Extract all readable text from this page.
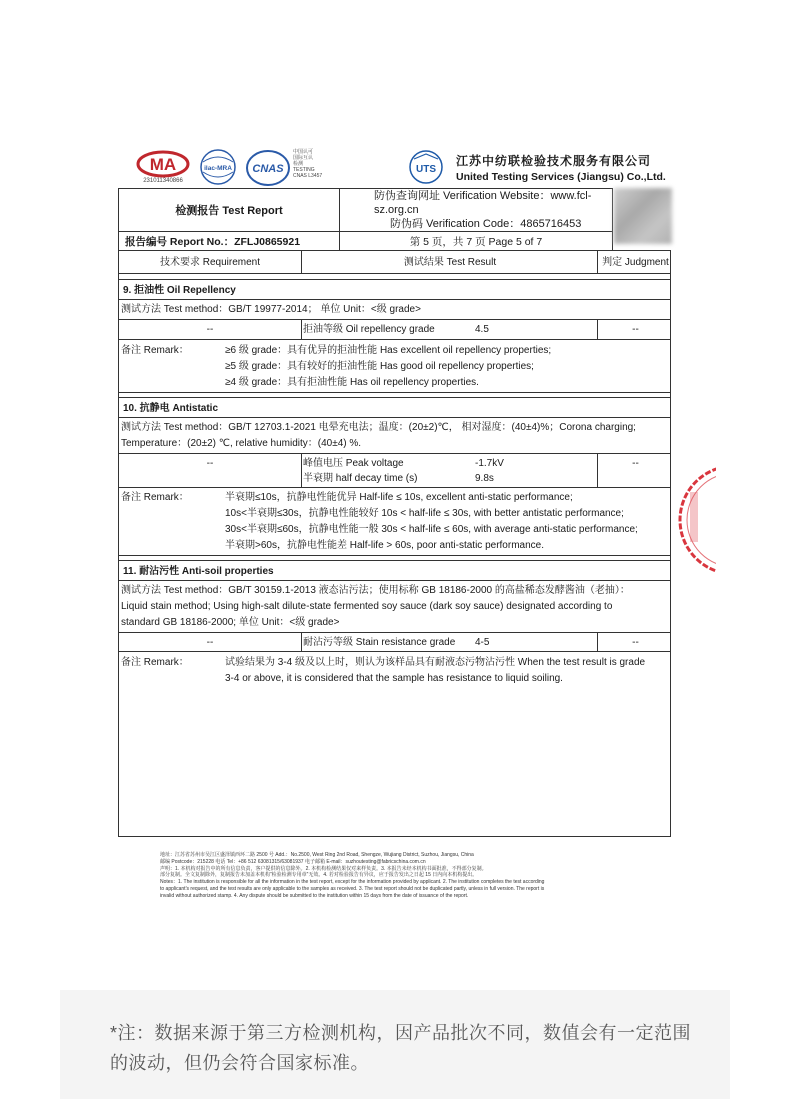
MA
231011340866
ilac-MRA CNAS
中国认可
国际互认
检测
TESTING
CNAS L3457
UTS
江苏中纺联检验技术服务有限公司
United Testing Services (Jiangsu) Co.,Ltd.
检测报告 Test Report	防伪查询网址 Verification Website：www.fcl-sz.org.cn
防伪码 Verification Code：4865716453

报告编号 Report No.：ZFLJ0865921	第 5 页，共 7 页 Page 5 of 7
技术要求 Requirement	测试结果 Test Result	判定 Judgment
9. 拒油性 Oil Repellency
测试方法 Test method：GB/T 19977-2014； 单位 Unit：<级 grade>
--	拒油等级 Oil repellency grade	4.5	--
备注 Remark：	≥6 级 grade：具有优异的拒油性能 Has excellent oil repellency properties;
≥5 级 grade：具有较好的拒油性能 Has good oil repellency properties;
≥4 级 grade：具有拒油性能 Has oil repellency properties.
10. 抗静电 Antistatic
测试方法 Test method：GB/T 12703.1-2021 电晕充电法；温度：(20±2)℃， 相对湿度：(40±4)%；Corona charging;
Temperature：(20±2) ℃, relative humidity：(40±4) %.
--	峰值电压 Peak voltage	-1.7kV
半衰期 half decay time (s)	9.8s
--
备注 Remark：	半衰期≤10s，抗静电性能优异 Half-life ≤ 10s, excellent anti-static performance;
10s<半衰期≤30s，抗静电性能较好 10s < half-life ≤ 30s, with better antistatic performance;
30s<半衰期≤60s，抗静电性能一般 30s < half-life ≤ 60s, with average anti-static performance;
半衰期>60s，抗静电性能差 Half-life > 60s, poor anti-static performance.
11. 耐沾污性 Anti-soil properties
测试方法 Test method：GB/T 30159.1-2013 液态沾污法；使用标称 GB 18186-2000 的高盐稀态发酵酱油（老抽）：
Liquid stain method; Using high-salt dilute-state fermented soy sauce (dark soy sauce) designated according to
standard GB 18186-2000; 单位 Unit：<级 grade>
--	耐沾污等级 Stain resistance grade 4-5	--
备注 Remark：	试验结果为 3-4 级及以上时，则认为该样品具有耐液态污物沾污性 When the test result is grade
3-4 or above, it is considered that the sample has resistance to liquid soiling.
地址：江苏省苏州市吴江区盛泽镇西环二路 2500 号 Add.：No.2500, West Ring 2nd Road, Shengze, Wujiang District, Suzhou, Jiangsu, China
邮编 Postcode：215228 电话 Tel：+86 512 63081315/63081937 电子邮箱 E-mail：suzhoutesting@fabricschina.com.cn
声明：1. 本机构对报告中的所有信息负责，客户提供的信息除外。2. 本机构检测结果仅对来样负责。3. 本报告未经本机构书面批准，不得部分复制。
部分复制。全文复制除外，复制报告未加盖本机构“检验检测专用章”无效。4. 若对检验报告有异议，应于报告发出之日起 15 日内向本机构提出。
Notes：1. The institution is responsible for all the information in the test report, except for the information provided by applicant. 2. The institution completes the test according
to applicant's request, and the test results are only applicable to the samples as received. 3. The test report should not be duplicated partly, unless in full version. The report is
invalid without authorized stamp. 4. Any dispute should be submitted to the institution within 15 days from the date of issuance of the report.
*注：数据来源于第三方检测机构，因产品批次不同，数值会有一定范围的波动，但仍会符合国家标准。
